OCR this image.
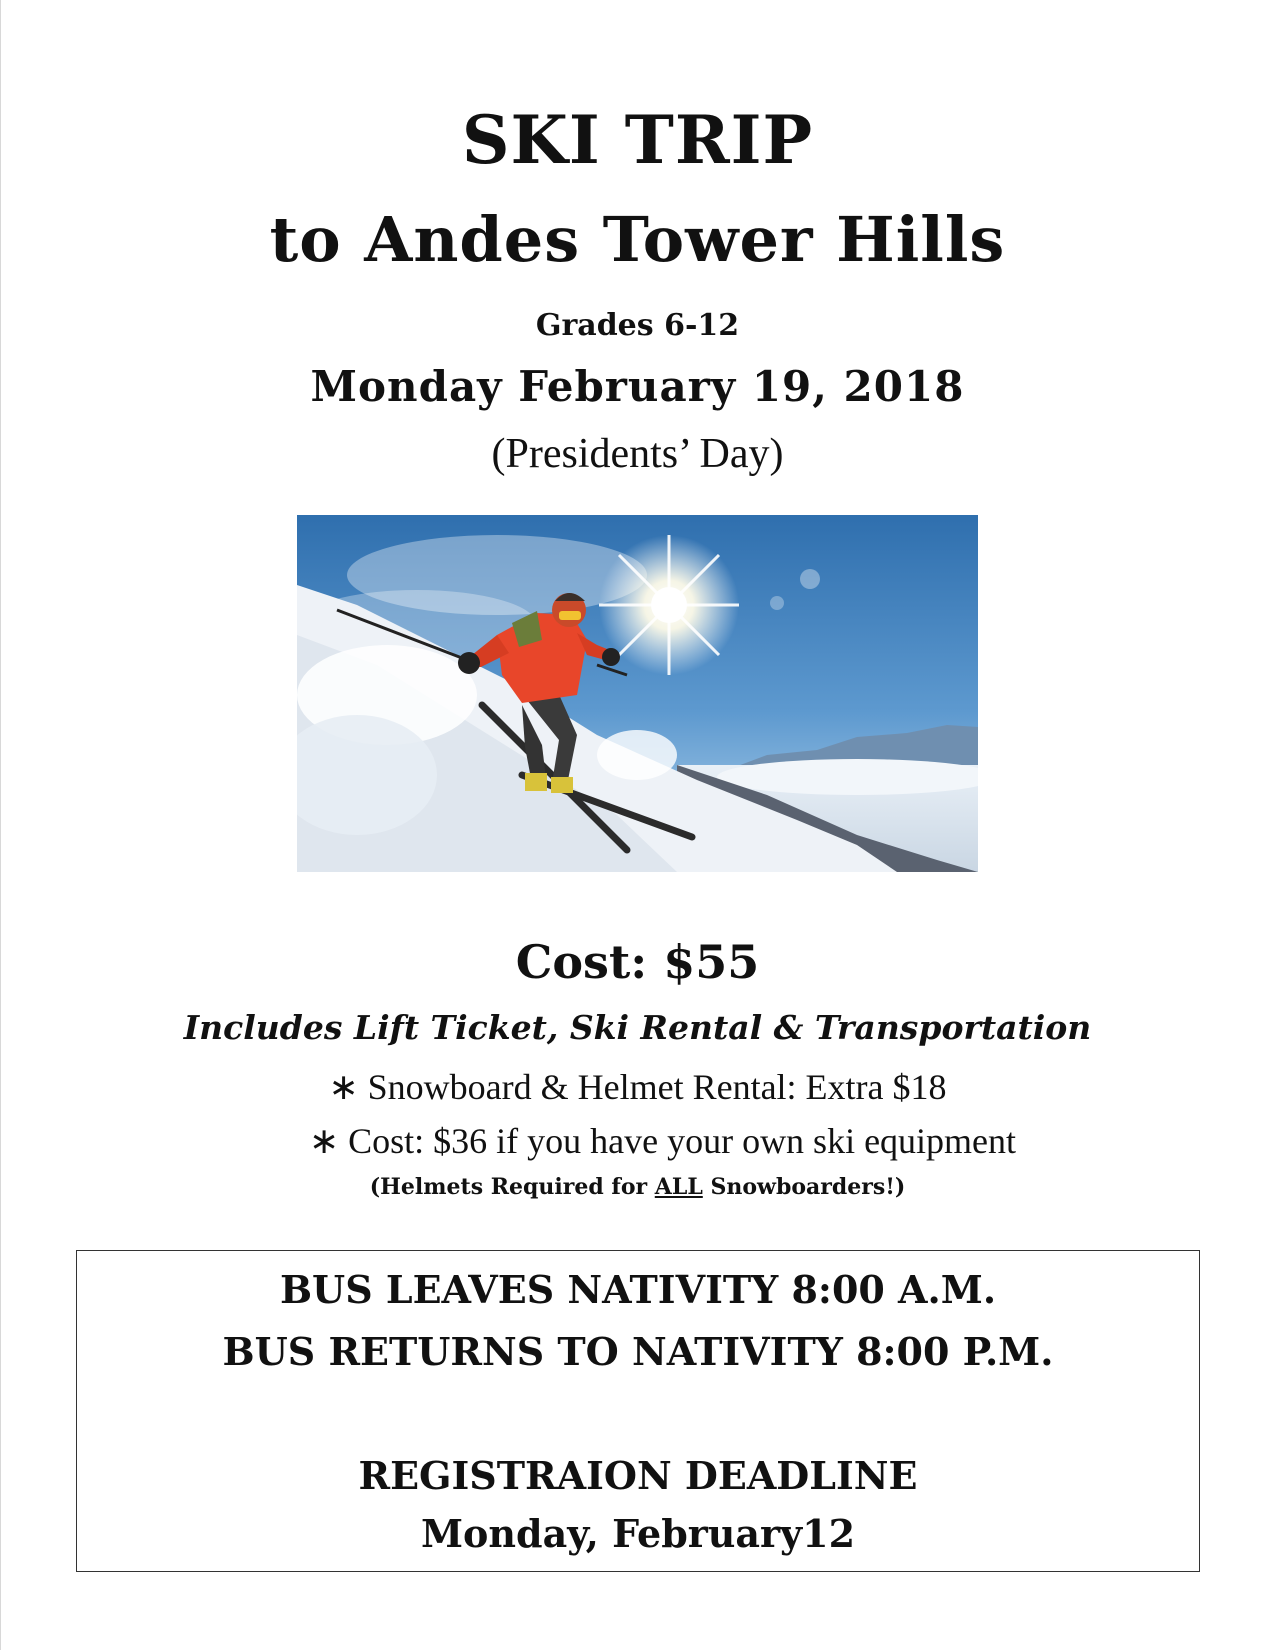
SKI TRIP
to Andes Tower Hills
Grades 6-12
Monday February 19, 2018
(Presidents’ Day)
Cost: $55
Includes Lift Ticket, Ski Rental & Transportation
∗ Snowboard & Helmet Rental: Extra $18
∗ Cost: $36 if you have your own ski equipment
(Helmets Required for ALL Snowboarders!)
BUS LEAVES NATIVITY 8:00 A.M.
BUS RETURNS TO NATIVITY 8:00 P.M.
REGISTRAION DEADLINE
Monday, February12
